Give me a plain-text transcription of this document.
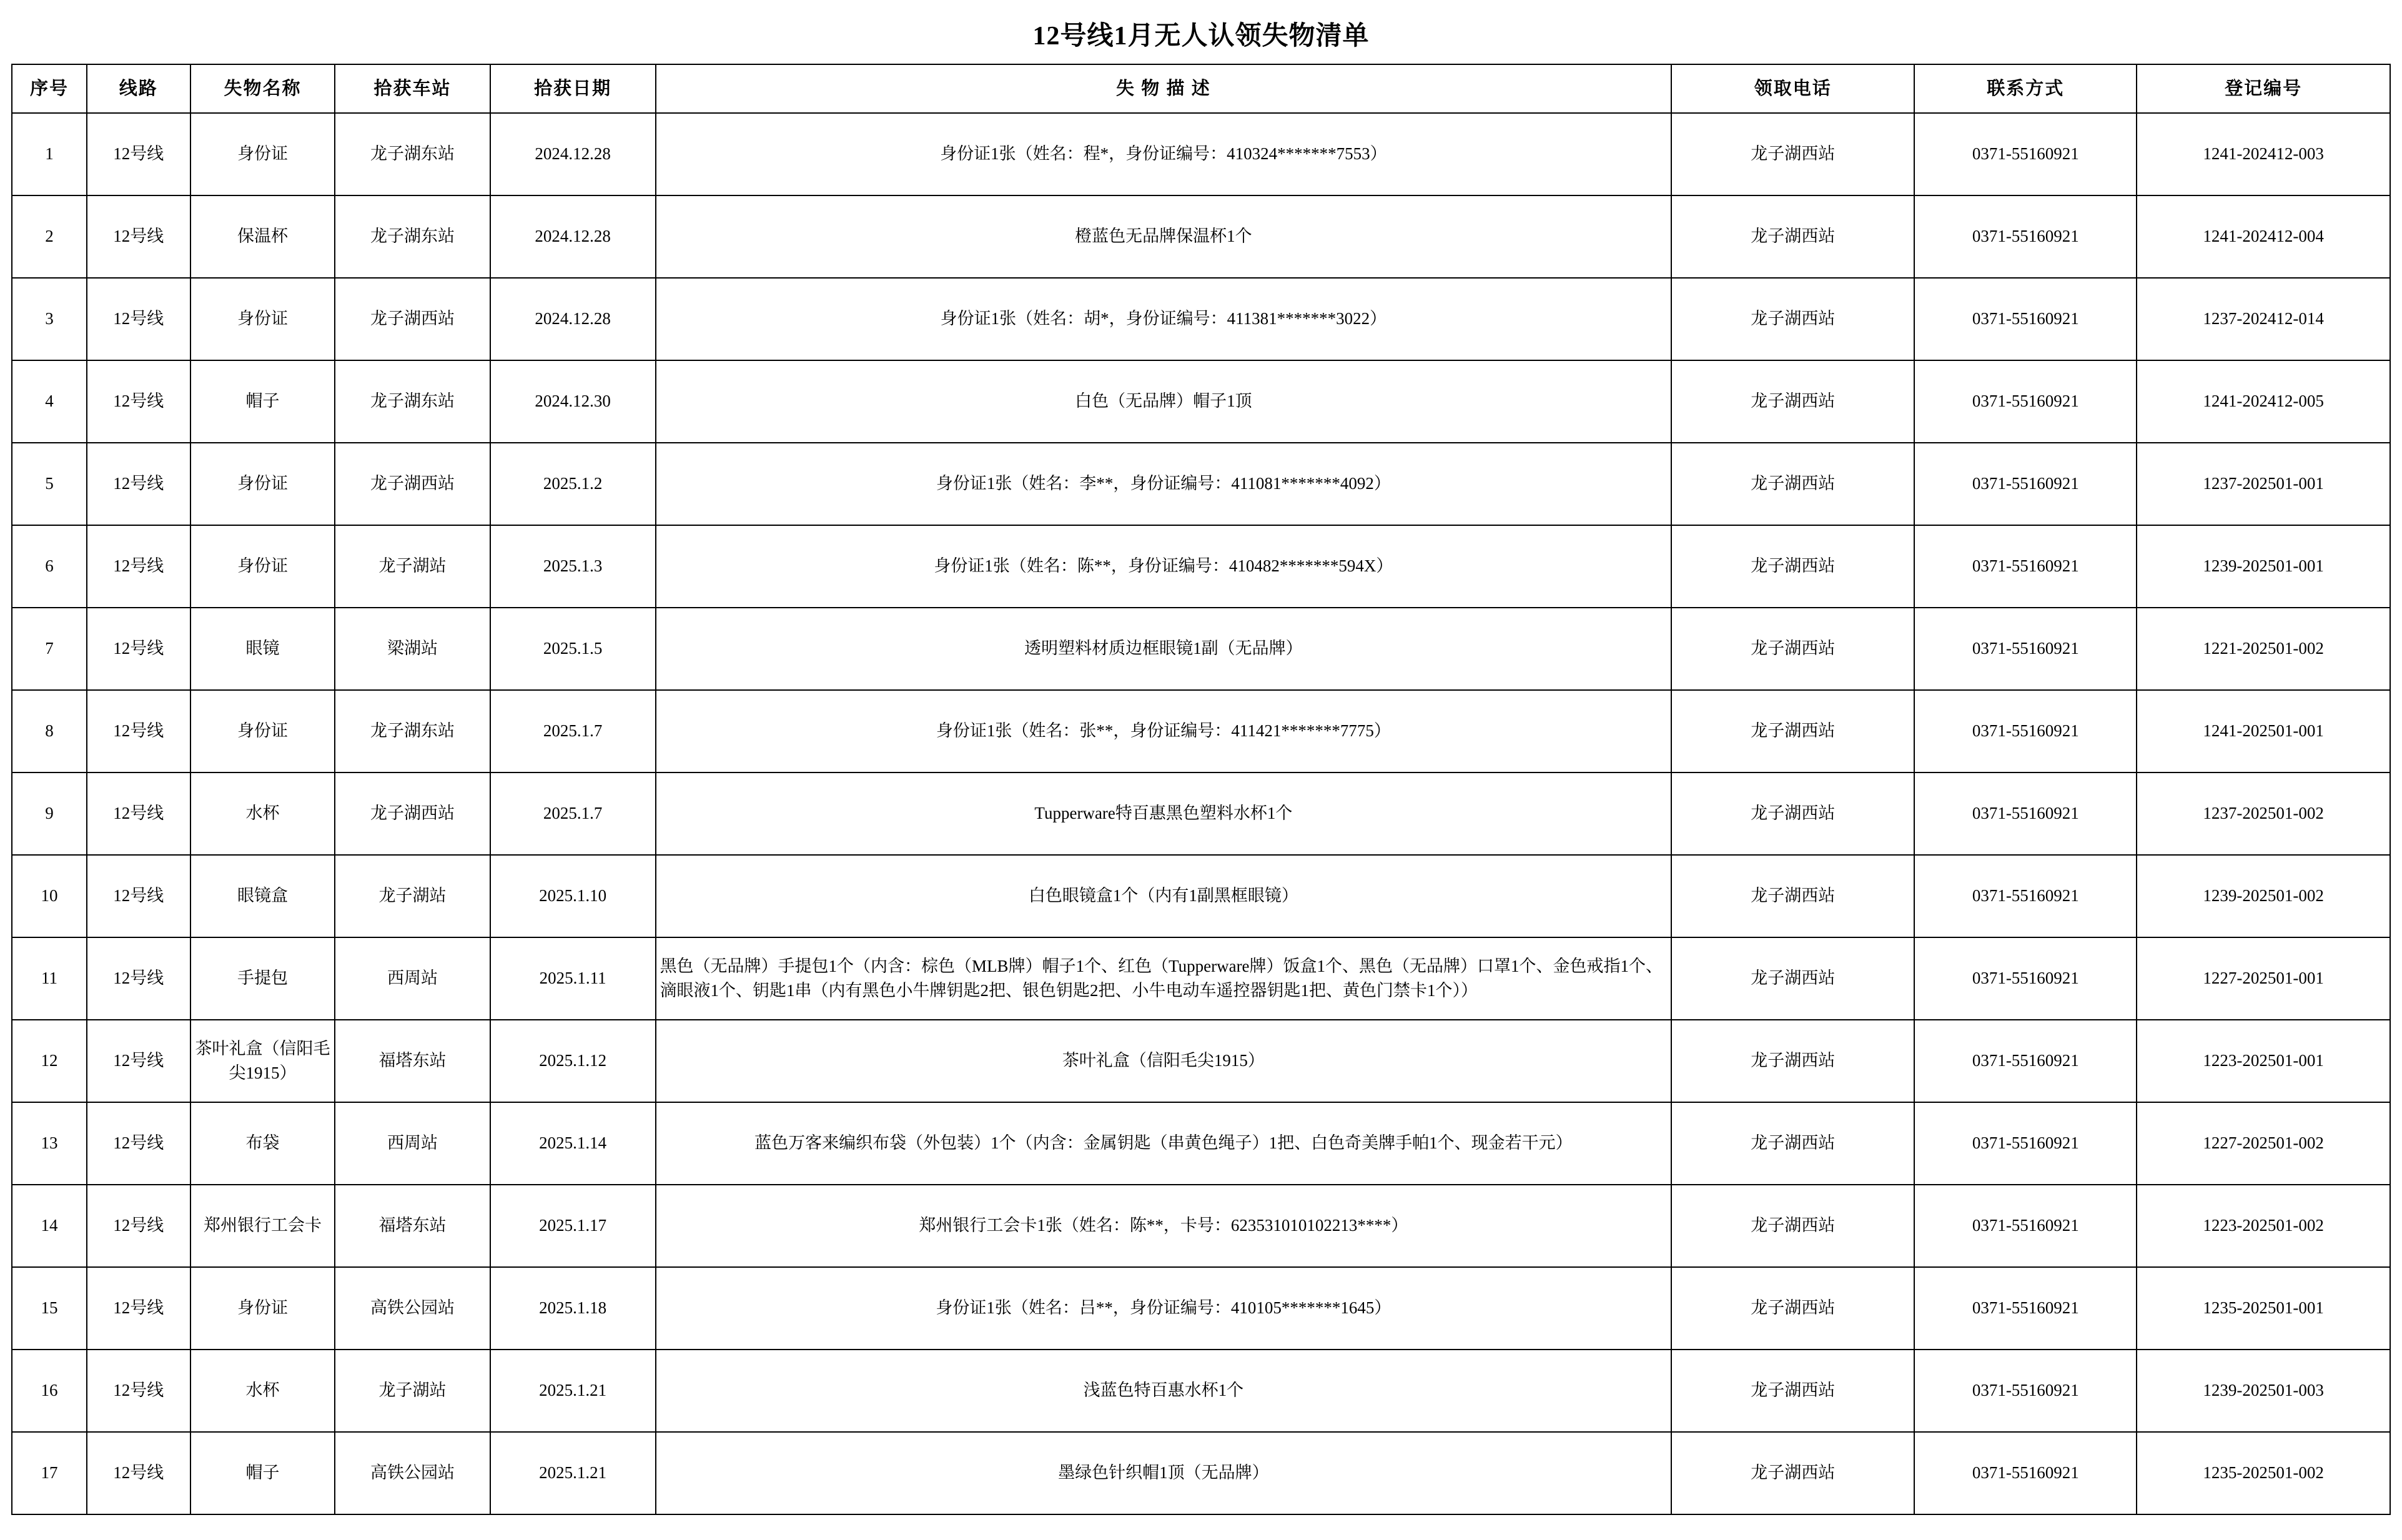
12号线1月无人认领失物清单
序号	线路	失物名称	拾获车站	拾获日期	失 物 描 述	领取电话	联系方式	登记编号
1	12号线	身份证	龙子湖东站	2024.12.28	身份证1张（姓名：程*，身份证编号：410324*******7553）	龙子湖西站	0371-55160921	1241-202412-003
2	12号线	保温杯	龙子湖东站	2024.12.28	橙蓝色无品牌保温杯1个	龙子湖西站	0371-55160921	1241-202412-004
3	12号线	身份证	龙子湖西站	2024.12.28	身份证1张（姓名：胡*，身份证编号：411381*******3022）	龙子湖西站	0371-55160921	1237-202412-014
4	12号线	帽子	龙子湖东站	2024.12.30	白色（无品牌）帽子1顶	龙子湖西站	0371-55160921	1241-202412-005
5	12号线	身份证	龙子湖西站	2025.1.2	身份证1张（姓名：李**，身份证编号：411081*******4092）	龙子湖西站	0371-55160921	1237-202501-001
6	12号线	身份证	龙子湖站	2025.1.3	身份证1张（姓名：陈**，身份证编号：410482*******594X）	龙子湖西站	0371-55160921	1239-202501-001
7	12号线	眼镜	梁湖站	2025.1.5	透明塑料材质边框眼镜1副（无品牌）	龙子湖西站	0371-55160921	1221-202501-002
8	12号线	身份证	龙子湖东站	2025.1.7	身份证1张（姓名：张**，身份证编号：411421*******7775）	龙子湖西站	0371-55160921	1241-202501-001
9	12号线	水杯	龙子湖西站	2025.1.7	Tupperware特百惠黑色塑料水杯1个	龙子湖西站	0371-55160921	1237-202501-002
10	12号线	眼镜盒	龙子湖站	2025.1.10	白色眼镜盒1个（内有1副黑框眼镜）	龙子湖西站	0371-55160921	1239-202501-002
11	12号线	手提包	西周站	2025.1.11	黑色（无品牌）手提包1个（内含：棕色（MLB牌）帽子1个、红色（Tupperware牌）饭盒1个、黑色（无品牌）口罩1个、金色戒指1个、滴眼液1个、钥匙1串（内有黑色小牛牌钥匙2把、银色钥匙2把、小牛电动车遥控器钥匙1把、黄色门禁卡1个））	龙子湖西站	0371-55160921	1227-202501-001
12	12号线	茶叶礼盒（信阳毛尖1915）	福塔东站	2025.1.12	茶叶礼盒（信阳毛尖1915）	龙子湖西站	0371-55160921	1223-202501-001
13	12号线	布袋	西周站	2025.1.14	蓝色万客来编织布袋（外包装）1个（内含：金属钥匙（串黄色绳子）1把、白色奇美牌手帕1个、现金若干元）	龙子湖西站	0371-55160921	1227-202501-002
14	12号线	郑州银行工会卡	福塔东站	2025.1.17	郑州银行工会卡1张（姓名：陈**，卡号：623531010102213****）	龙子湖西站	0371-55160921	1223-202501-002
15	12号线	身份证	高铁公园站	2025.1.18	身份证1张（姓名：吕**，身份证编号：410105*******1645）	龙子湖西站	0371-55160921	1235-202501-001
16	12号线	水杯	龙子湖站	2025.1.21	浅蓝色特百惠水杯1个	龙子湖西站	0371-55160921	1239-202501-003
17	12号线	帽子	高铁公园站	2025.1.21	墨绿色针织帽1顶（无品牌）	龙子湖西站	0371-55160921	1235-202501-002
